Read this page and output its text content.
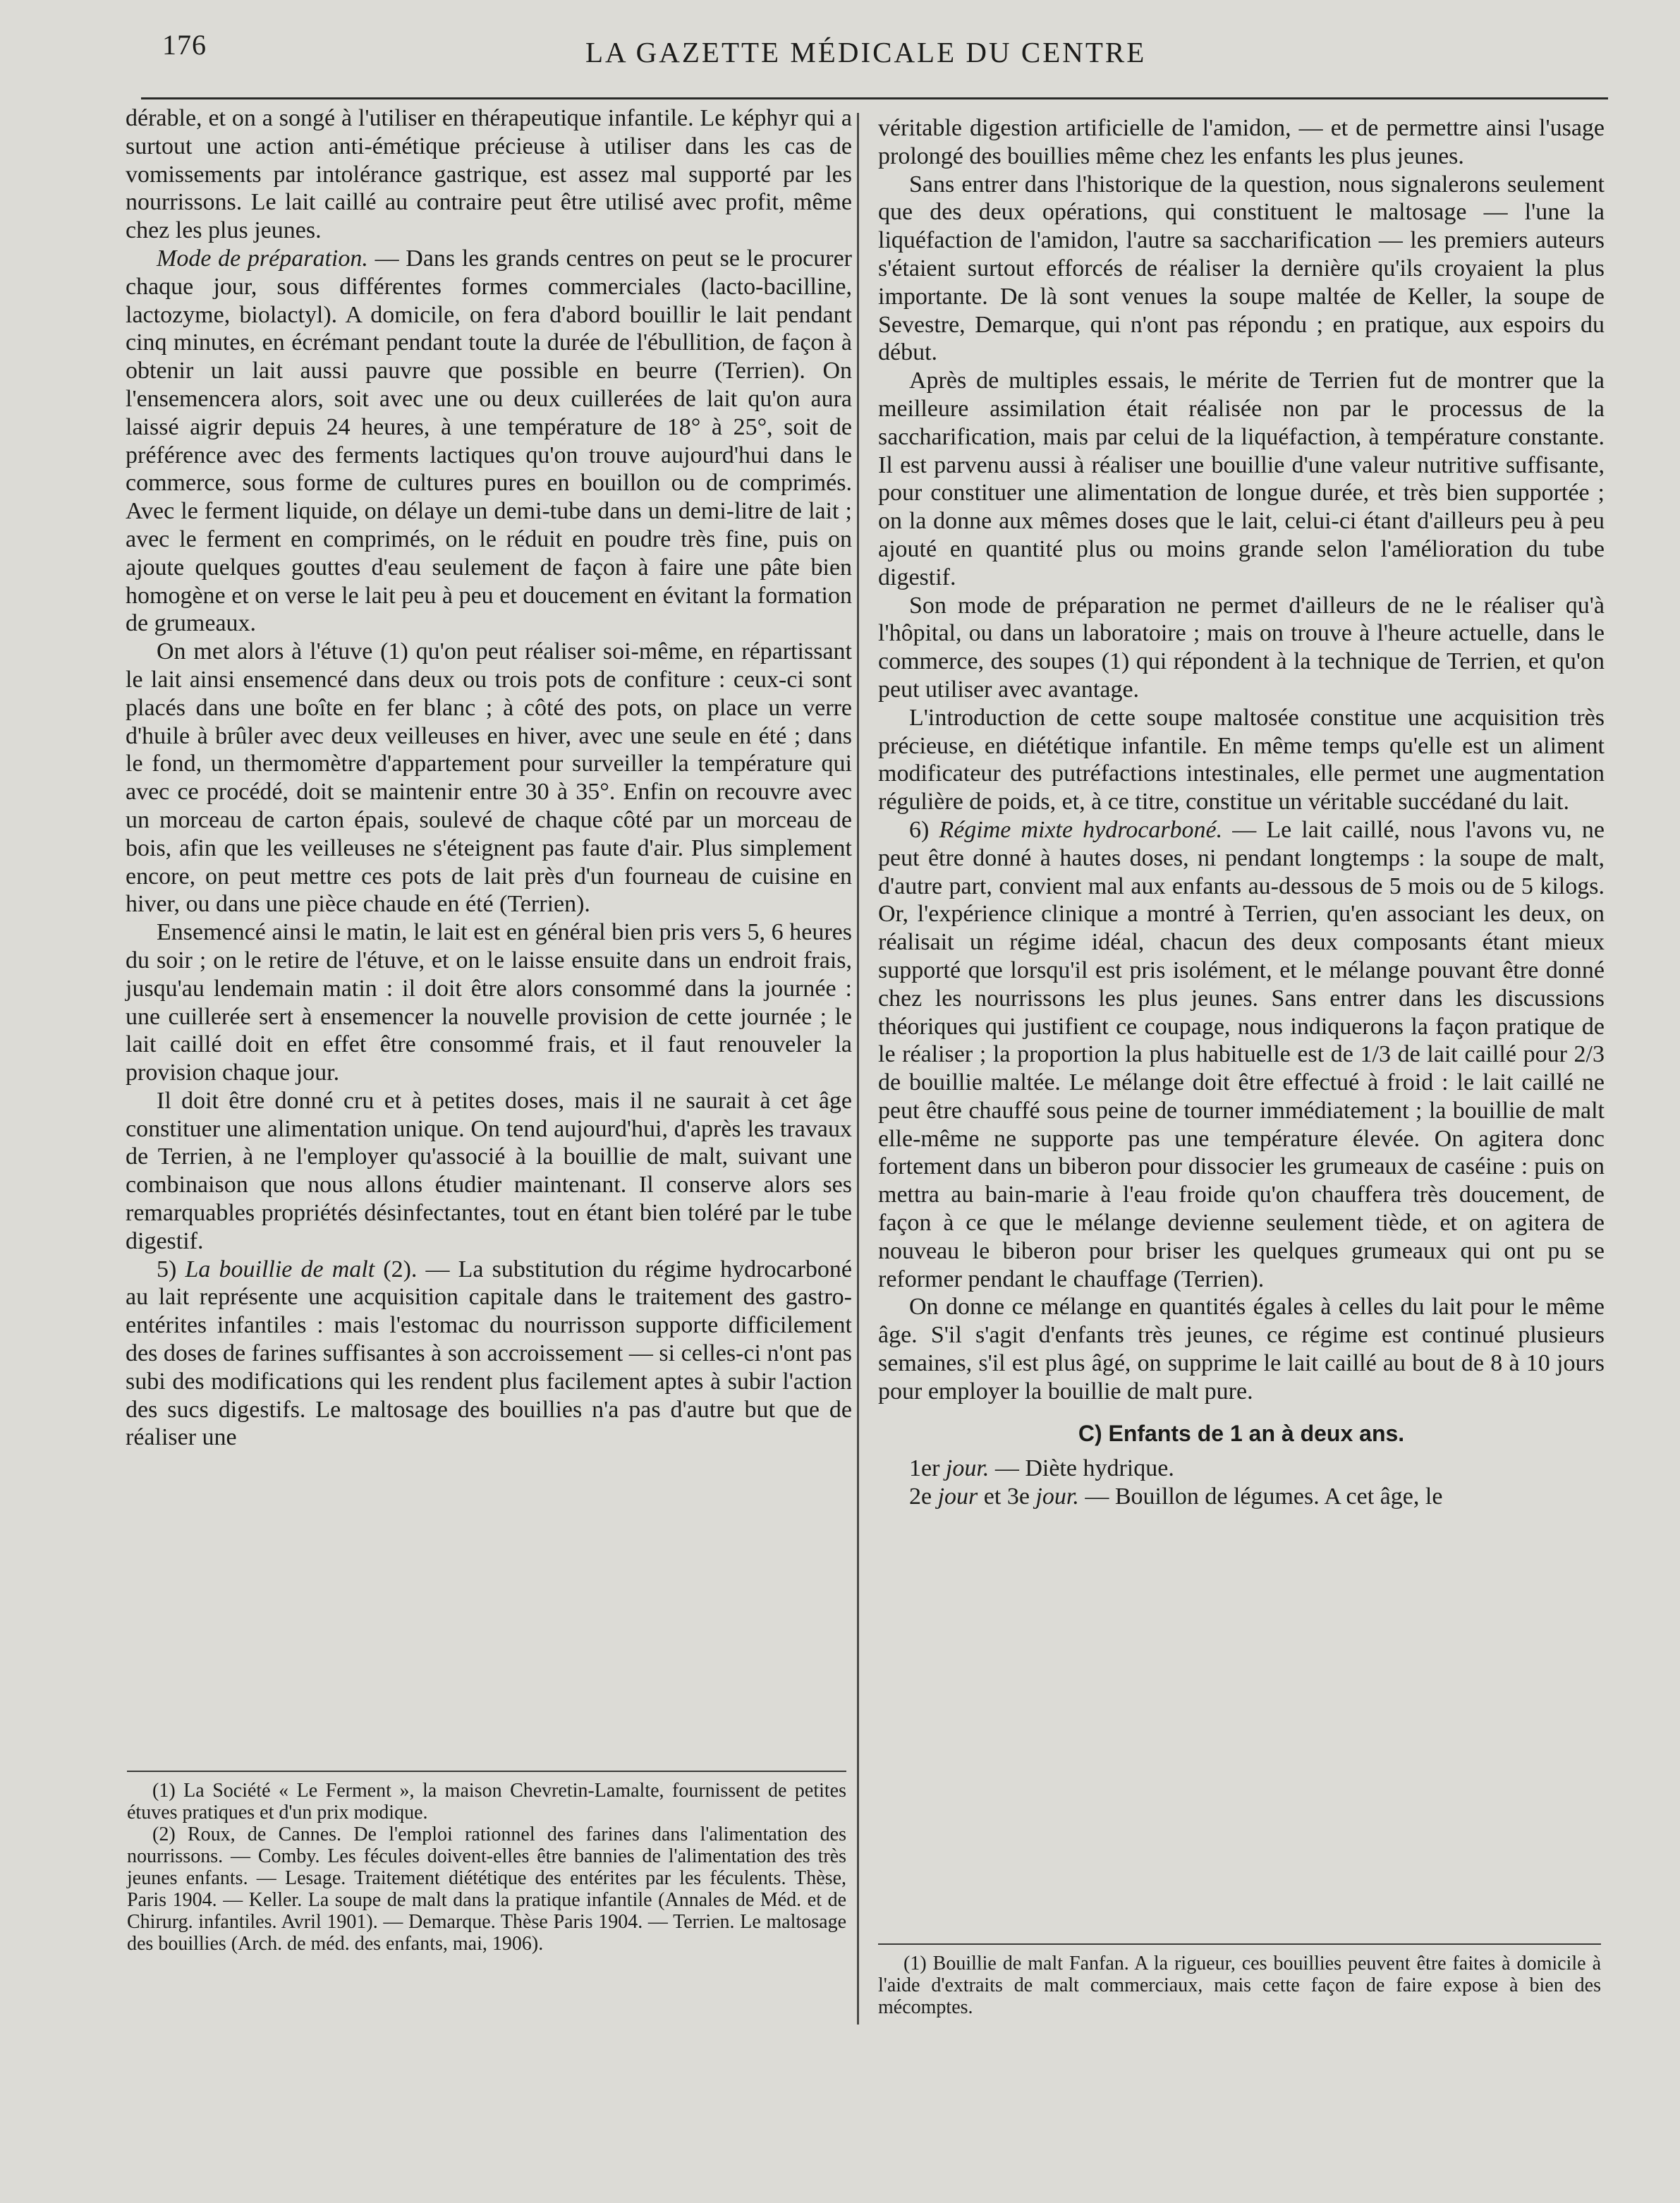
176	LA GAZETTE MÉDICALE DU CENTRE

dérable, et on a songé à l'utiliser en thérapeutique infantile. Le képhyr qui a surtout une action anti-émétique précieuse à utiliser dans les cas de vomissements par intolérance gastrique, est assez mal supporté par les nourrissons. Le lait caillé au contraire peut être utilisé avec profit, même chez les plus jeunes.

Mode de préparation. — Dans les grands centres on peut se le procurer chaque jour, sous différentes formes commerciales (lacto-bacilline, lactozyme, biolactyl). A domicile, on fera d'abord bouillir le lait pendant cinq minutes, en écrémant pendant toute la durée de l'ébullition, de façon à obtenir un lait aussi pauvre que possible en beurre (Terrien). On l'ensemencera alors, soit avec une ou deux cuillerées de lait qu'on aura laissé aigrir depuis 24 heures, à une température de 18° à 25°, soit de préférence avec des ferments lactiques qu'on trouve aujourd'hui dans le commerce, sous forme de cultures pures en bouillon ou de comprimés. Avec le ferment liquide, on délaye un demi-tube dans un demi-litre de lait ; avec le ferment en comprimés, on le réduit en poudre très fine, puis on ajoute quelques gouttes d'eau seulement de façon à faire une pâte bien homogène et on verse le lait peu à peu et doucement en évitant la formation de grumeaux.

On met alors à l'étuve (1) qu'on peut réaliser soi-même, en répartissant le lait ainsi ensemencé dans deux ou trois pots de confiture : ceux-ci sont placés dans une boîte en fer blanc ; à côté des pots, on place un verre d'huile à brûler avec deux veilleuses en hiver, avec une seule en été ; dans le fond, un thermomètre d'appartement pour surveiller la température qui avec ce procédé, doit se maintenir entre 30 à 35°. Enfin on recouvre avec un morceau de carton épais, soulevé de chaque côté par un morceau de bois, afin que les veilleuses ne s'éteignent pas faute d'air. Plus simplement encore, on peut mettre ces pots de lait près d'un fourneau de cuisine en hiver, ou dans une pièce chaude en été (Terrien).

Ensemencé ainsi le matin, le lait est en général bien pris vers 5, 6 heures du soir ; on le retire de l'étuve, et on le laisse ensuite dans un endroit frais, jusqu'au lendemain matin : il doit être alors consommé dans la journée : une cuillerée sert à ensemencer la nouvelle provision de cette journée ; le lait caillé doit en effet être consommé frais, et il faut renouveler la provision chaque jour.

Il doit être donné cru et à petites doses, mais il ne saurait à cet âge constituer une alimentation unique. On tend aujourd'hui, d'après les travaux de Terrien, à ne l'employer qu'associé à la bouillie de malt, suivant une combinaison que nous allons étudier maintenant. Il conserve alors ses remarquables propriétés désinfectantes, tout en étant bien toléré par le tube digestif.

5) La bouillie de malt (2). — La substitution du régime hydrocarboné au lait représente une acquisition capitale dans le traitement des gastro-entérites infantiles : mais l'estomac du nourrisson supporte difficilement des doses de farines suffisantes à son accroissement — si celles-ci n'ont pas subi des modifications qui les rendent plus facilement aptes à subir l'action des sucs digestifs. Le maltosage des bouillies n'a pas d'autre but que de réaliser une

(1) La Société « Le Ferment », la maison Chevretin-Lamalte, fournissent de petites étuves pratiques et d'un prix modique.

(2) Roux, de Cannes. De l'emploi rationnel des farines dans l'alimentation des nourrissons. — Comby. Les fécules doivent-elles être bannies de l'alimentation des très jeunes enfants. — Lesage. Traitement diététique des entérites par les féculents. Thèse, Paris 1904. — Keller. La soupe de malt dans la pratique infantile (Annales de Méd. et de Chirurg. infantiles. Avril 1901). — Demarque. Thèse Paris 1904. — Terrien. Le maltosage des bouillies (Arch. de méd. des enfants, mai, 1906).

véritable digestion artificielle de l'amidon, — et de permettre ainsi l'usage prolongé des bouillies même chez les enfants les plus jeunes.

Sans entrer dans l'historique de la question, nous signalerons seulement que des deux opérations, qui constituent le maltosage — l'une la liquéfaction de l'amidon, l'autre sa saccharification — les premiers auteurs s'étaient surtout efforcés de réaliser la dernière qu'ils croyaient la plus importante. De là sont venues la soupe maltée de Keller, la soupe de Sevestre, Demarque, qui n'ont pas répondu ; en pratique, aux espoirs du début.

Après de multiples essais, le mérite de Terrien fut de montrer que la meilleure assimilation était réalisée non par le processus de la saccharification, mais par celui de la liquéfaction, à température constante. Il est parvenu aussi à réaliser une bouillie d'une valeur nutritive suffisante, pour constituer une alimentation de longue durée, et très bien supportée ; on la donne aux mêmes doses que le lait, celui-ci étant d'ailleurs peu à peu ajouté en quantité plus ou moins grande selon l'amélioration du tube digestif.

Son mode de préparation ne permet d'ailleurs de ne le réaliser qu'à l'hôpital, ou dans un laboratoire ; mais on trouve à l'heure actuelle, dans le commerce, des soupes (1) qui répondent à la technique de Terrien, et qu'on peut utiliser avec avantage.

L'introduction de cette soupe maltosée constitue une acquisition très précieuse, en diététique infantile. En même temps qu'elle est un aliment modificateur des putréfactions intestinales, elle permet une augmentation régulière de poids, et, à ce titre, constitue un véritable succédané du lait.

6) Régime mixte hydrocarboné. — Le lait caillé, nous l'avons vu, ne peut être donné à hautes doses, ni pendant longtemps : la soupe de malt, d'autre part, convient mal aux enfants au-dessous de 5 mois ou de 5 kilogs. Or, l'expérience clinique a montré à Terrien, qu'en associant les deux, on réalisait un régime idéal, chacun des deux composants étant mieux supporté que lorsqu'il est pris isolément, et le mélange pouvant être donné chez les nourrissons les plus jeunes. Sans entrer dans les discussions théoriques qui justifient ce coupage, nous indiquerons la façon pratique de le réaliser ; la proportion la plus habituelle est de 1/3 de lait caillé pour 2/3 de bouillie maltée. Le mélange doit être effectué à froid : le lait caillé ne peut être chauffé sous peine de tourner immédiatement ; la bouillie de malt elle-même ne supporte pas une température élevée. On agitera donc fortement dans un biberon pour dissocier les grumeaux de caséine : puis on mettra au bain-marie à l'eau froide qu'on chauffera très doucement, de façon à ce que le mélange devienne seulement tiède, et on agitera de nouveau le biberon pour briser les quelques grumeaux qui ont pu se reformer pendant le chauffage (Terrien).

On donne ce mélange en quantités égales à celles du lait pour le même âge. S'il s'agit d'enfants très jeunes, ce régime est continué plusieurs semaines, s'il est plus âgé, on supprime le lait caillé au bout de 8 à 10 jours pour employer la bouillie de malt pure.

C) Enfants de 1 an à deux ans.

1er jour. — Diète hydrique.

2e jour et 3e jour. — Bouillon de légumes. A cet âge, le

(1) Bouillie de malt Fanfan. A la rigueur, ces bouillies peuvent être faites à domicile à l'aide d'extraits de malt commerciaux, mais cette façon de faire expose à bien des mécomptes.
